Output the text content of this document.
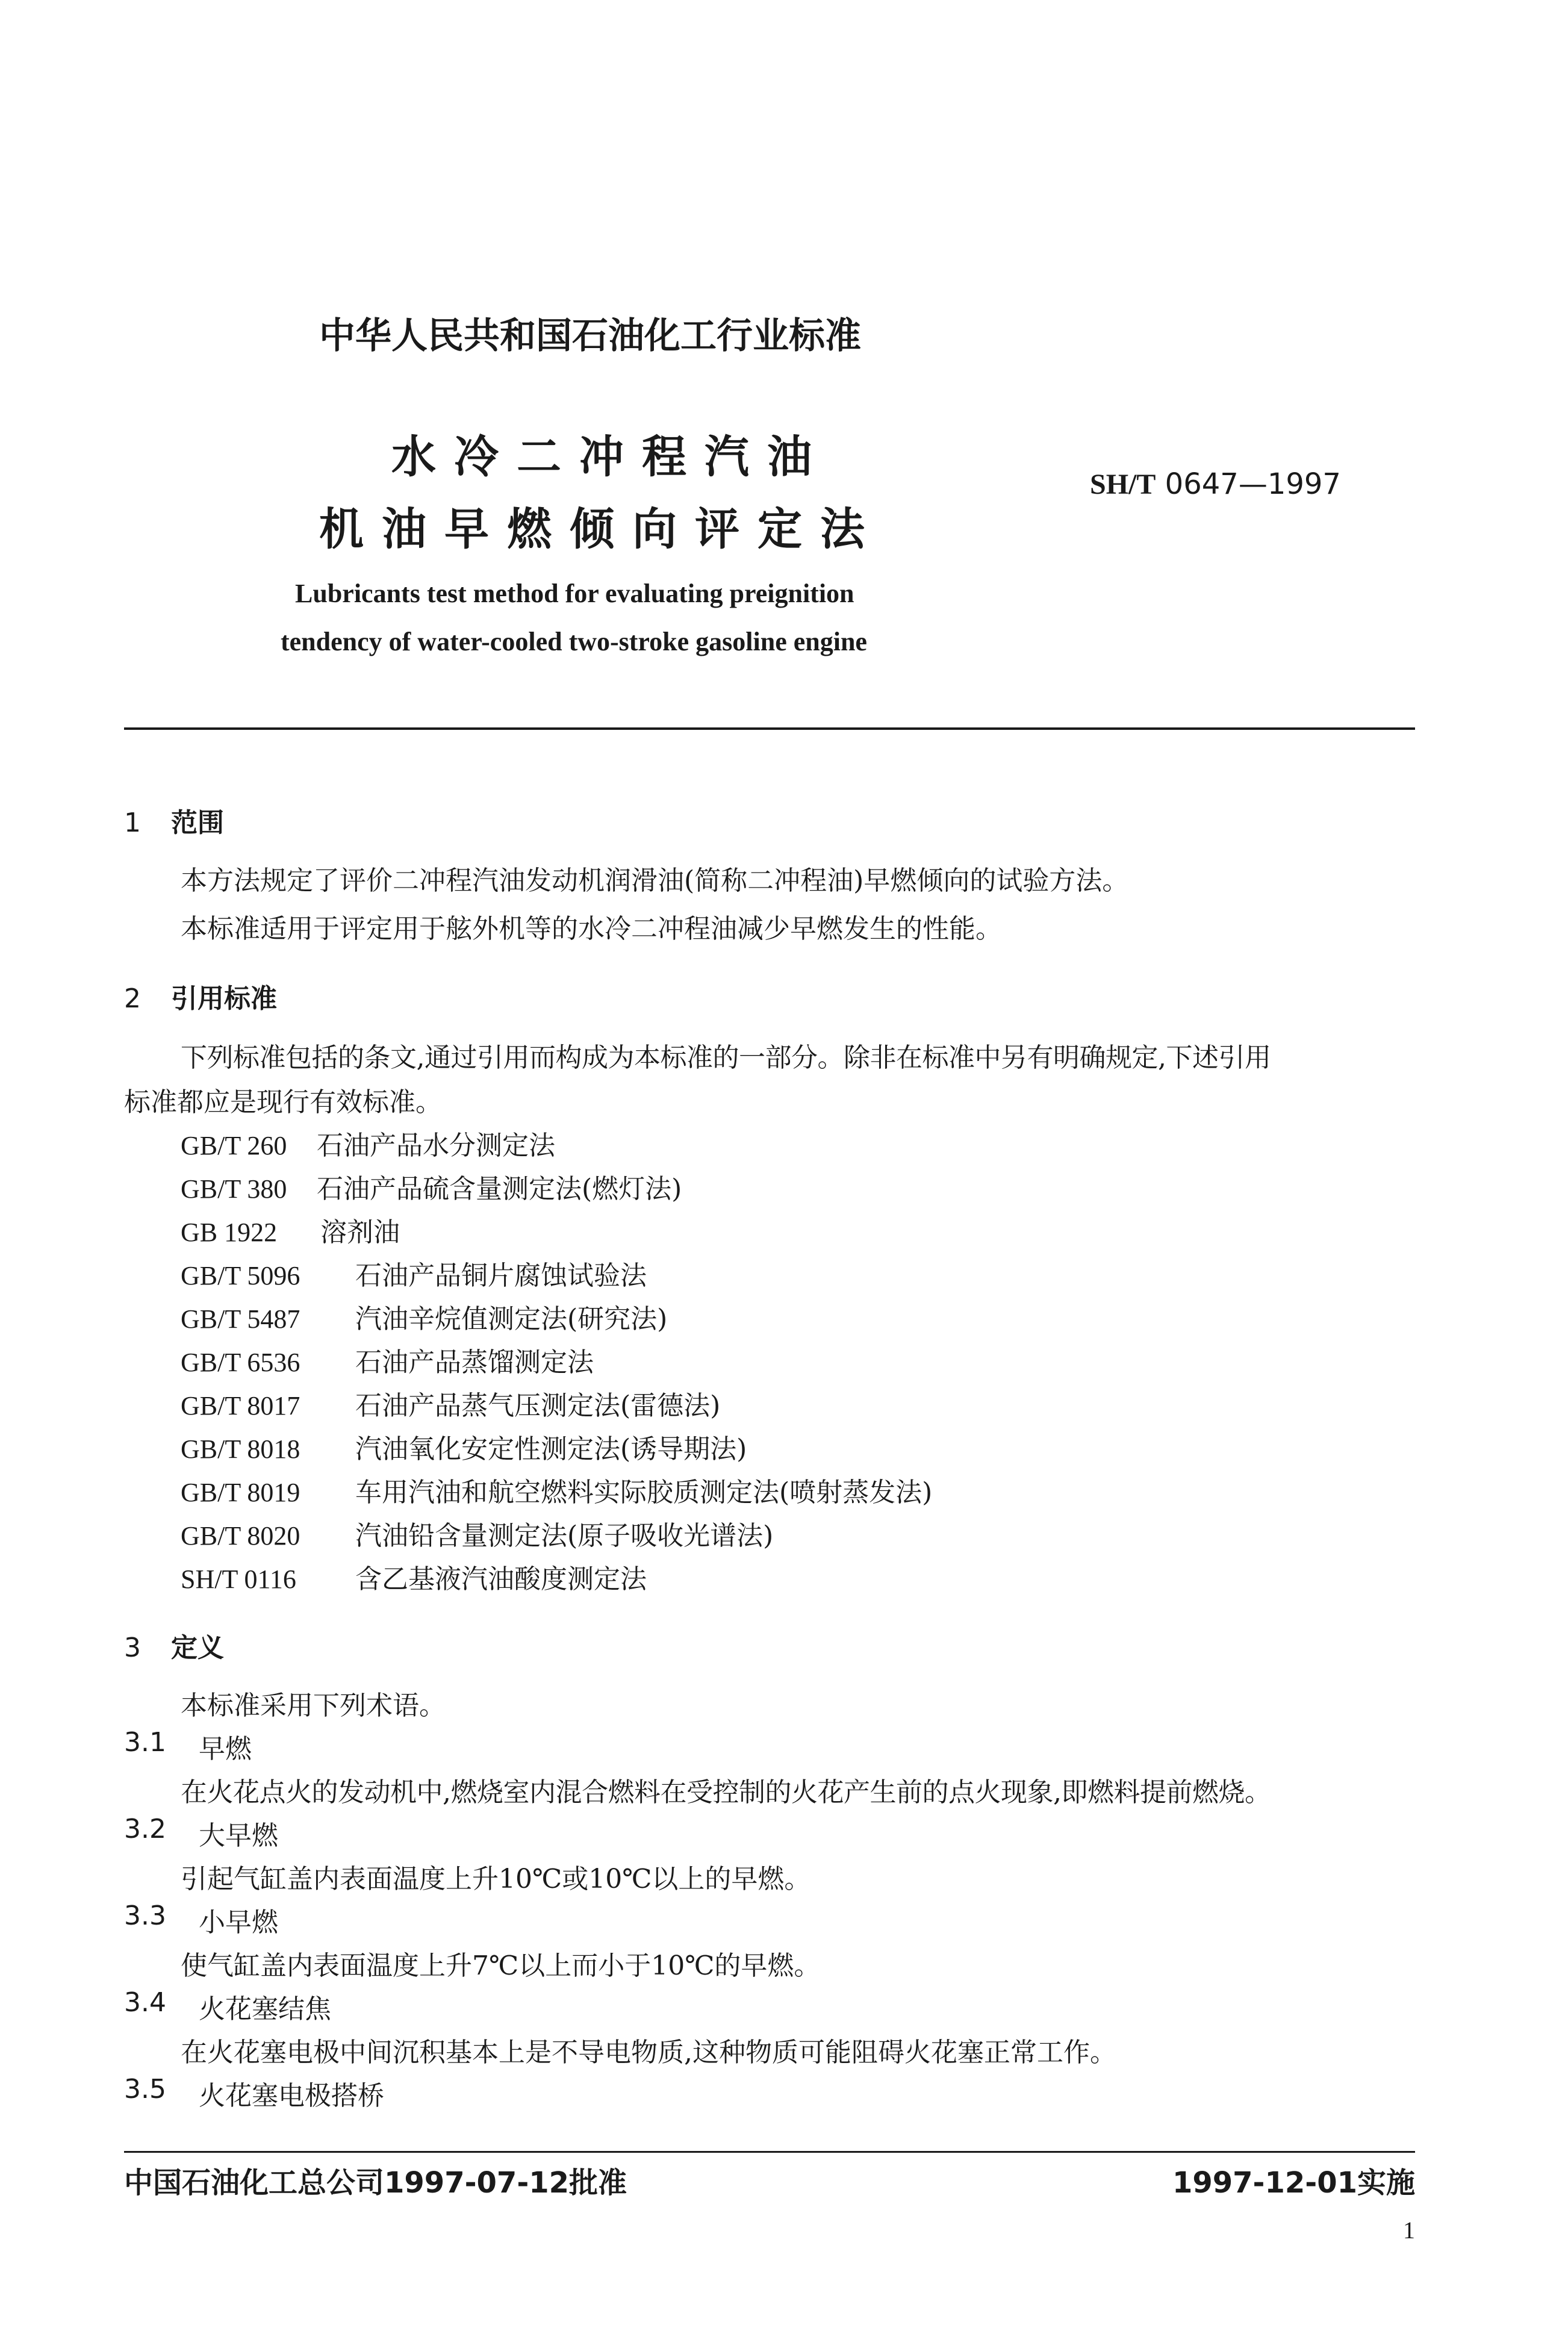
中华人民共和国石油化工行业标准
水冷二冲程汽油
机油早燃倾向评定法
SH/T 0647—1997
Lubricants test method for evaluating preignition
tendency of water-cooled two-stroke gasoline engine
1 范围
本方法规定了评价二冲程汽油发动机润滑油(简称二冲程油)早燃倾向的试验方法。
本标准适用于评定用于舷外机等的水冷二冲程油减少早燃发生的性能。
2 引用标准
下列标准包括的条文,通过引用而构成为本标准的一部分。除非在标准中另有明确规定,下述引用
标准都应是现行有效标准。
GB/T 260 石油产品水分测定法
GB/T 380 石油产品硫含量测定法(燃灯法)
GB 1922 溶剂油
GB/T 5096 石油产品铜片腐蚀试验法
GB/T 5487 汽油辛烷值测定法(研究法)
GB/T 6536 石油产品蒸馏测定法
GB/T 8017 石油产品蒸气压测定法(雷德法)
GB/T 8018 汽油氧化安定性测定法(诱导期法)
GB/T 8019 车用汽油和航空燃料实际胶质测定法(喷射蒸发法)
GB/T 8020 汽油铅含量测定法(原子吸收光谱法)
SH/T 0116 含乙基液汽油酸度测定法
3 定义
本标准采用下列术语。
3.1 早燃
在火花点火的发动机中,燃烧室内混合燃料在受控制的火花产生前的点火现象,即燃料提前燃烧。
3.2 大早燃
引起气缸盖内表面温度上升10℃或10℃以上的早燃。
3.3 小早燃
使气缸盖内表面温度上升7℃以上而小于10℃的早燃。
3.4 火花塞结焦
在火花塞电极中间沉积基本上是不导电物质,这种物质可能阻碍火花塞正常工作。
3.5 火花塞电极搭桥
中国石油化工总公司1997-07-12批准	1997-12-01实施
1
